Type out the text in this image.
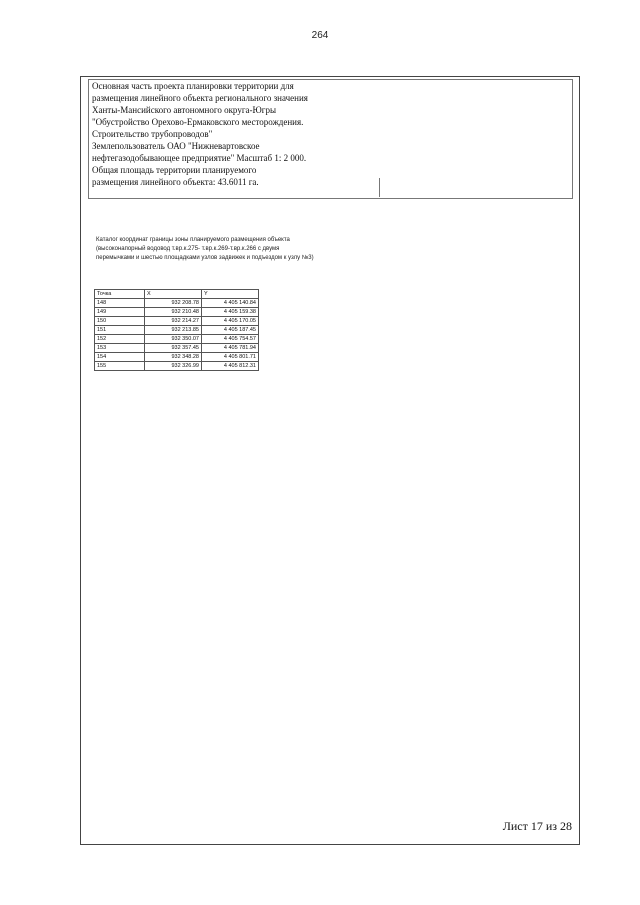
264
Основная часть проекта планировки территории для
размещения линейного объекта регионального значения
Ханты-Мансийского автономного округа-Югры
"Обустройство Орехово-Ермаковского месторождения.
Строительство трубопроводов"
Землепользователь ОАО "Нижневартовское
нефтегазодобывающее предприятие" Масштаб 1: 2 000.
Общая площадь территории планируемого
размещения линейного объекта: 43.6011 га.
Каталог координат границы зоны планируемого размещения объекта
(высоконапорный водовод т.вр.к.275- т.вр.к.269-т.вр.к.266 с двумя
перемычками и шестью площадками узлов задвижек и подъездом к узлу №3)
Точка	X	Y
148	932 208.78	4 405 140.84
149	932 210.48	4 405 159.38
150	932 214.27	4 405 170.05
151	932 213.85	4 405 187.45
152	932 350.07	4 405 754.57
153	932 357.45	4 405 781.94
154	932 348.28	4 405 801.71
155	932 326.99	4 405 812.31
Лист 17 из 28
